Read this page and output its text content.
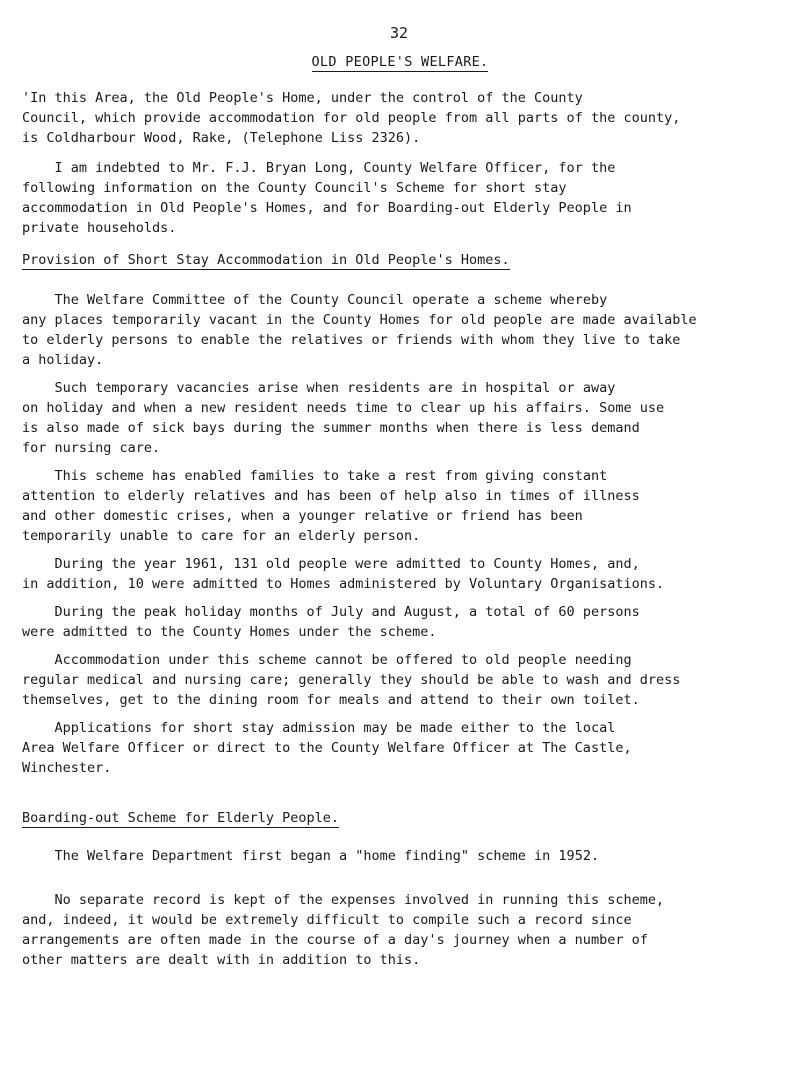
32
OLD PEOPLE'S WELFARE.

'In this Area, the Old People's Home, under the control of the County
Council, which provide accommodation for old people from all parts of the county,
is Coldharbour Wood, Rake, (Telephone Liss 2326).

I am indebted to Mr. F.J. Bryan Long, County Welfare Officer, for the
following information on the County Council's Scheme for short stay
accommodation in Old People's Homes, and for Boarding-out Elderly People in
private households.

Provision of Short Stay Accommodation in Old People's Homes.

The Welfare Committee of the County Council operate a scheme whereby
any places temporarily vacant in the County Homes for old people are made available
to elderly persons to enable the relatives or friends with whom they live to take
a holiday.

Such temporary vacancies arise when residents are in hospital or away
on holiday and when a new resident needs time to clear up his affairs. Some use
is also made of sick bays during the summer months when there is less demand
for nursing care.

This scheme has enabled families to take a rest from giving constant
attention to elderly relatives and has been of help also in times of illness
and other domestic crises, when a younger relative or friend has been
temporarily unable to care for an elderly person.

During the year 1961, 131 old people were admitted to County Homes, and,
in addition, 10 were admitted to Homes administered by Voluntary Organisations.

During the peak holiday months of July and August, a total of 60 persons
were admitted to the County Homes under the scheme.

Accommodation under this scheme cannot be offered to old people needing
regular medical and nursing care; generally they should be able to wash and dress
themselves, get to the dining room for meals and attend to their own toilet.

Applications for short stay admission may be made either to the local
Area Welfare Officer or direct to the County Welfare Officer at The Castle,
Winchester.

Boarding-out Scheme for Elderly People.

The Welfare Department first began a "home finding" scheme in 1952.

No separate record is kept of the expenses involved in running this scheme,
and, indeed, it would be extremely difficult to compile such a record since
arrangements are often made in the course of a day's journey when a number of
other matters are dealt with in addition to this.
